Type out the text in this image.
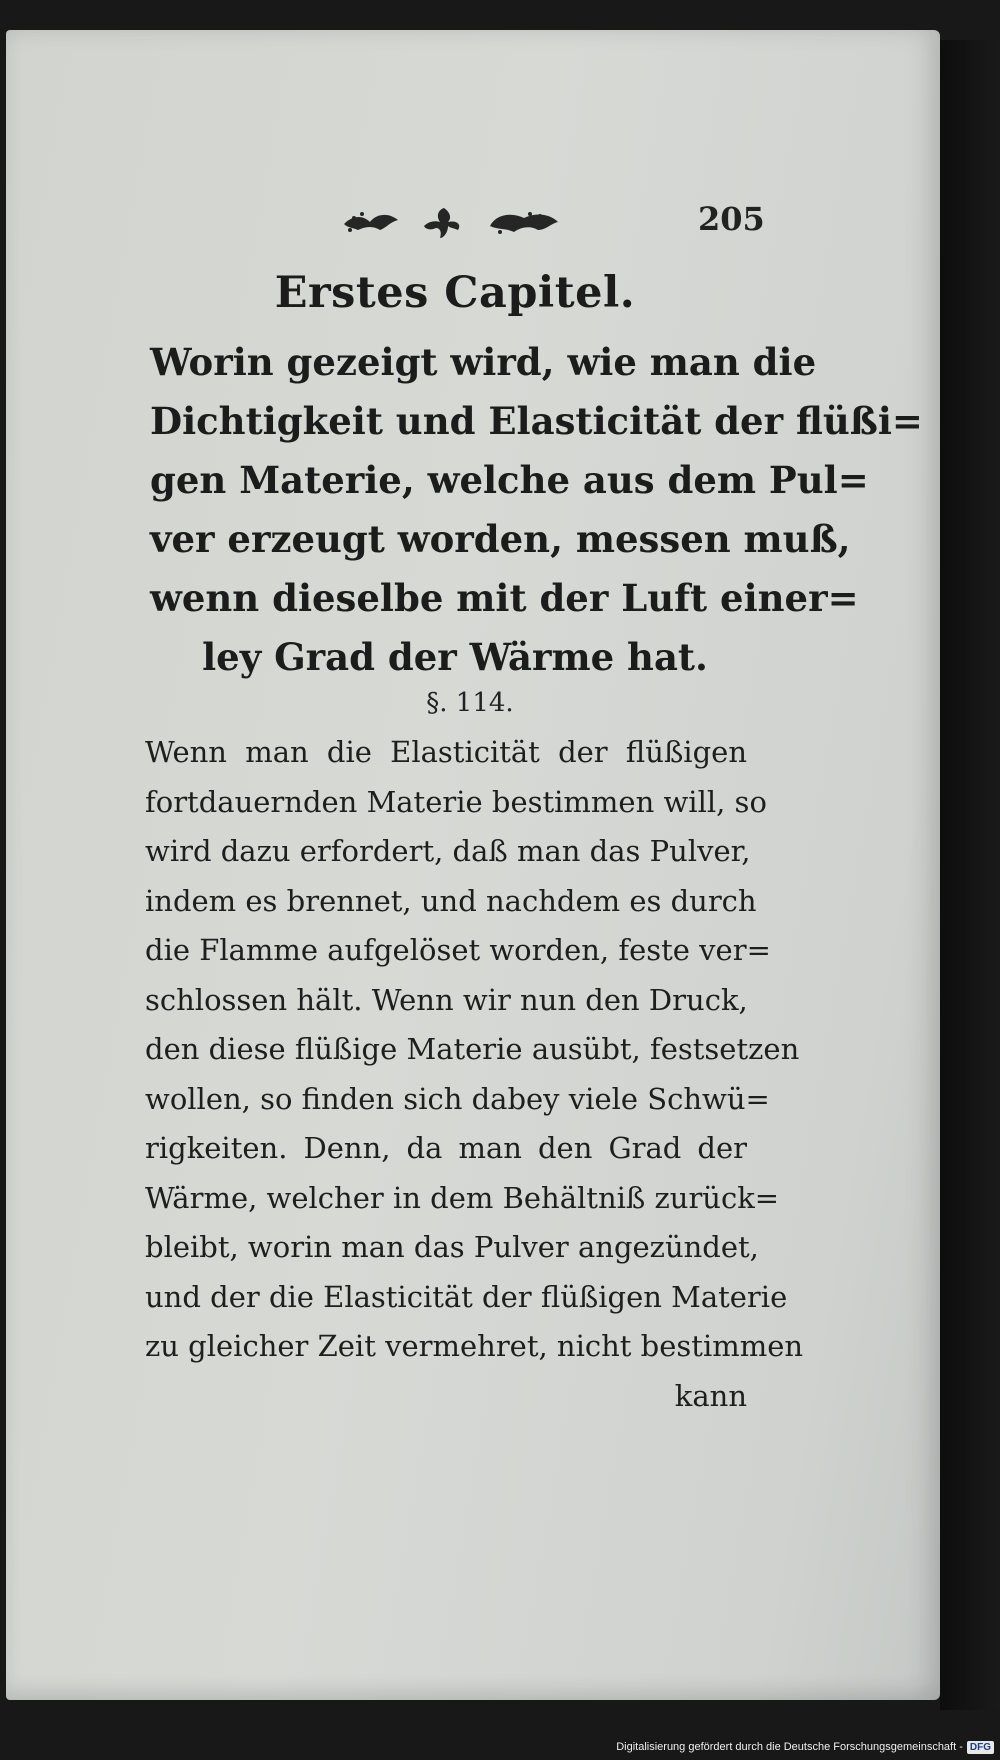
205
Erstes Capitel.
Worin gezeigt wird, wie man die
Dichtigkeit und Elasticität der flüßi=
gen Materie, welche aus dem Pul=
ver erzeugt worden, messen muß,
wenn dieselbe mit der Luft einer=
ley Grad der Wärme hat.
§. 114.
Wenn man die Elasticität der flüßigen
fortdauernden Materie bestimmen will, so
wird dazu erfordert, daß man das Pulver,
indem es brennet, und nachdem es durch
die Flamme aufgelöset worden, feste ver=
schlossen hält. Wenn wir nun den Druck,
den diese flüßige Materie ausübt, festsetzen
wollen, so finden sich dabey viele Schwü=
rigkeiten. Denn, da man den Grad der
Wärme, welcher in dem Behältniß zurück=
bleibt, worin man das Pulver angezündet,
und der die Elasticität der flüßigen Materie
zu gleicher Zeit vermehret, nicht bestimmen
kann
Digitalisierung gefördert durch die Deutsche Forschungsgemeinschaft - DFG
